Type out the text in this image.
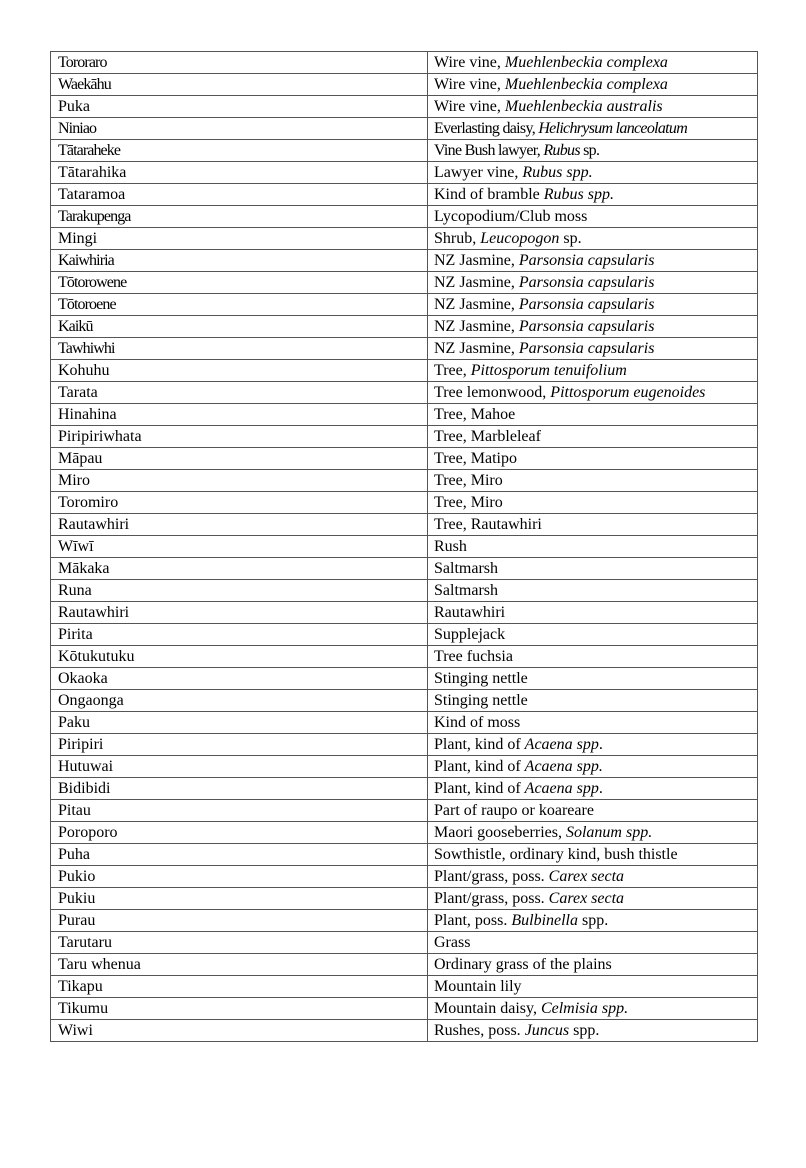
Tororaro	Wire vine, Muehlenbeckia complexa
Waekāhu	Wire vine, Muehlenbeckia complexa
Puka	Wire vine, Muehlenbeckia australis
Niniao	Everlasting daisy, Helichrysum lanceolatum
Tātaraheke	Vine Bush lawyer, Rubus sp.
Tātarahika	Lawyer vine, Rubus spp.
Tataramoa	Kind of bramble Rubus spp.
Tarakupenga	Lycopodium/Club moss
Mingi	Shrub, Leucopogon sp.
Kaiwhiria	NZ Jasmine, Parsonsia capsularis
Tōtorowene	NZ Jasmine, Parsonsia capsularis
Tōtoroene	NZ Jasmine, Parsonsia capsularis
Kaikū	NZ Jasmine, Parsonsia capsularis
Tawhiwhi	NZ Jasmine, Parsonsia capsularis
Kohuhu	Tree, Pittosporum tenuifolium
Tarata	Tree lemonwood, Pittosporum eugenoides
Hinahina	Tree, Mahoe
Piripiriwhata	Tree, Marbleleaf
Māpau	Tree, Matipo
Miro	Tree, Miro
Toromiro	Tree, Miro
Rautawhiri	Tree, Rautawhiri
Wīwī	Rush
Mākaka	Saltmarsh
Runa	Saltmarsh
Rautawhiri	Rautawhiri
Pirita	Supplejack
Kōtukutuku	Tree fuchsia
Okaoka	Stinging nettle
Ongaonga	Stinging nettle
Paku	Kind of moss
Piripiri	Plant, kind of Acaena spp.
Hutuwai	Plant, kind of Acaena spp.
Bidibidi	Plant, kind of Acaena spp.
Pitau	Part of raupo or koareare
Poroporo	Maori gooseberries, Solanum spp.
Puha	Sowthistle, ordinary kind, bush thistle
Pukio	Plant/grass, poss. Carex secta
Pukiu	Plant/grass, poss. Carex secta
Purau	Plant, poss. Bulbinella spp.
Tarutaru	Grass
Taru whenua	Ordinary grass of the plains
Tikapu	Mountain lily
Tikumu	Mountain daisy, Celmisia spp.
Wiwi	Rushes, poss. Juncus spp.
